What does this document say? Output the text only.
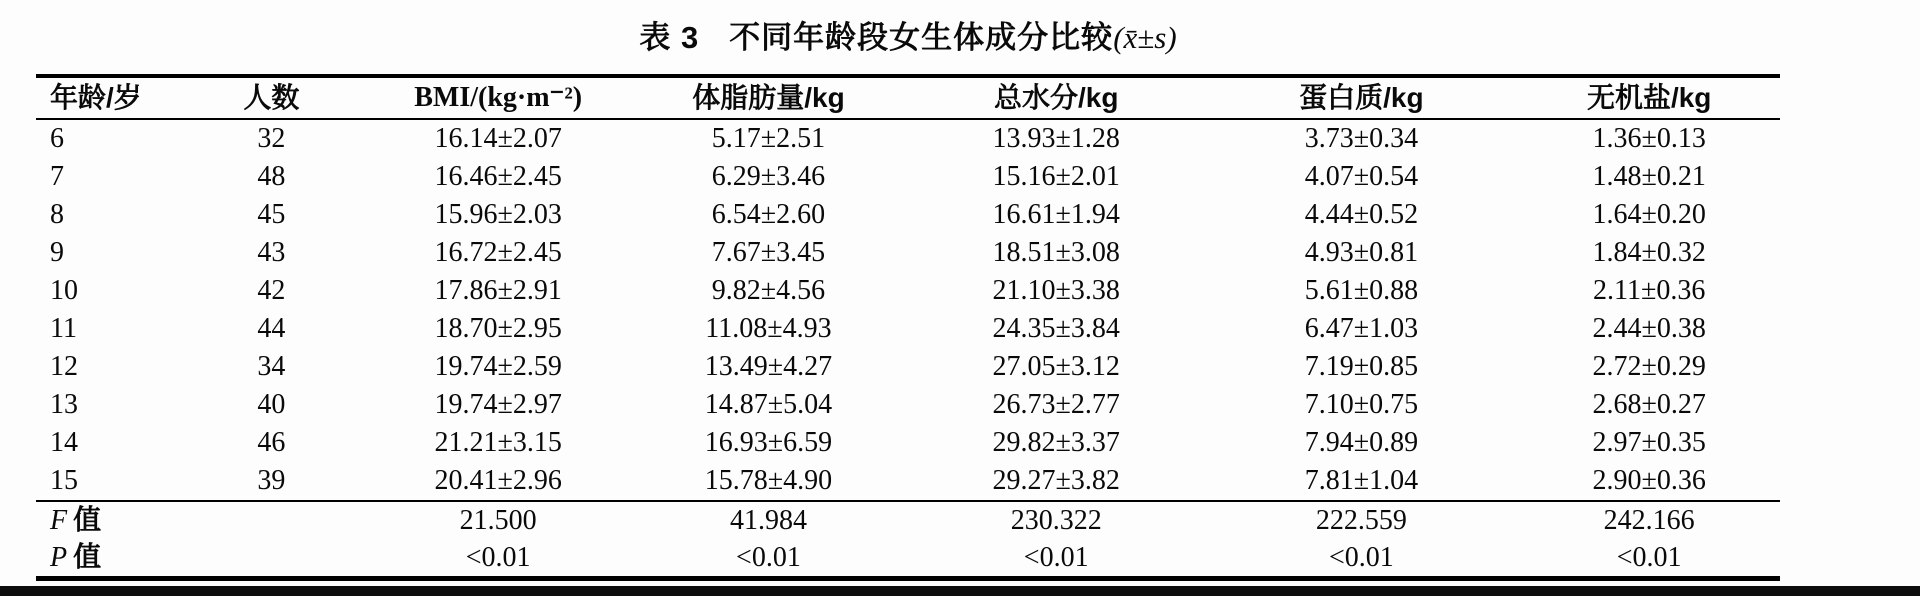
表 3 不同年龄段女生体成分比较(x̄±s)
年龄/岁	人数	BMI/(kg·m⁻²)	体脂肪量/kg	总水分/kg	蛋白质/kg	无机盐/kg
6	32	16.14±2.07	5.17±2.51	13.93±1.28	3.73±0.34	1.36±0.13
7	48	16.46±2.45	6.29±3.46	15.16±2.01	4.07±0.54	1.48±0.21
8	45	15.96±2.03	6.54±2.60	16.61±1.94	4.44±0.52	1.64±0.20
9	43	16.72±2.45	7.67±3.45	18.51±3.08	4.93±0.81	1.84±0.32
10	42	17.86±2.91	9.82±4.56	21.10±3.38	5.61±0.88	2.11±0.36
11	44	18.70±2.95	11.08±4.93	24.35±3.84	6.47±1.03	2.44±0.38
12	34	19.74±2.59	13.49±4.27	27.05±3.12	7.19±0.85	2.72±0.29
13	40	19.74±2.97	14.87±5.04	26.73±2.77	7.10±0.75	2.68±0.27
14	46	21.21±3.15	16.93±6.59	29.82±3.37	7.94±0.89	2.97±0.35
15	39	20.41±2.96	15.78±4.90	29.27±3.82	7.81±1.04	2.90±0.36
F 值		21.500	41.984	230.322	222.559	242.166
P 值		<0.01	<0.01	<0.01	<0.01	<0.01
